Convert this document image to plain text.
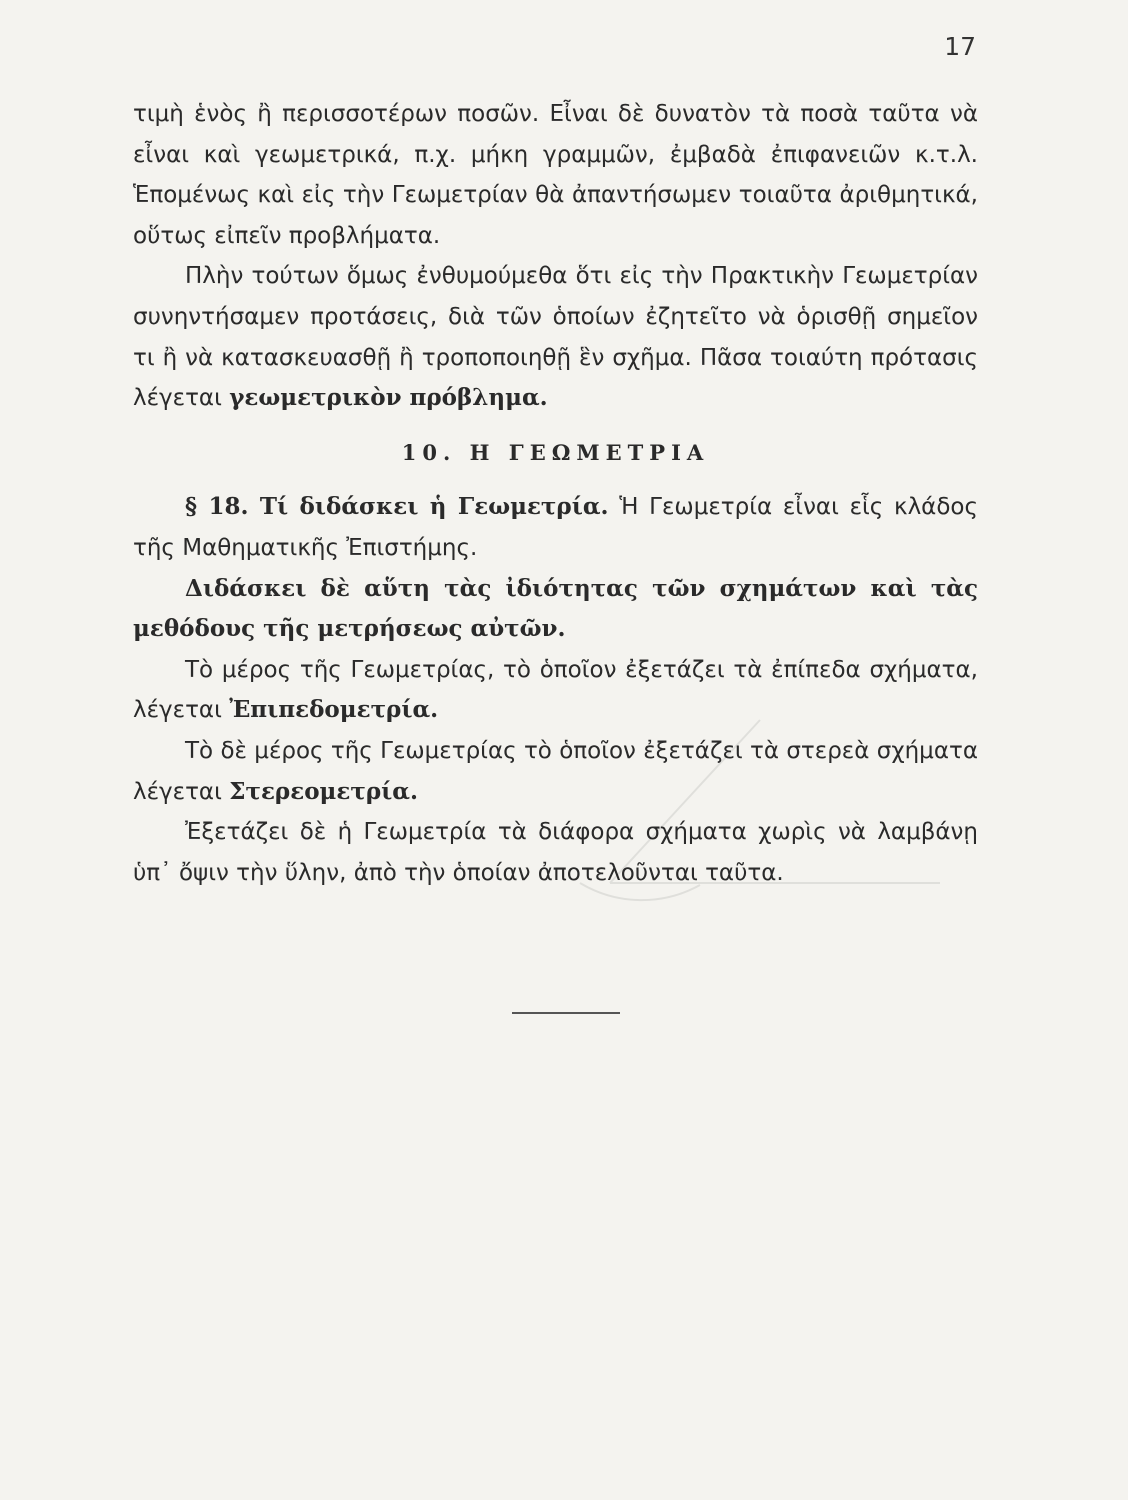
17

τιμὴ ἑνὸς ἢ περισσοτέρων ποσῶν. Εἶναι δὲ δυνατὸν τὰ ποσὰ ταῦτα νὰ εἶναι καὶ γεωμετρικά, π.χ. μήκη γραμμῶν, ἐμβαδὰ ἐπιφανειῶν κ.τ.λ. Ἑπομένως καὶ εἰς τὴν Γεωμετρίαν θὰ ἀπαντήσωμεν τοιαῦτα ἀριθμητικά, οὕτως εἰπεῖν προβλήματα.

Πλὴν τούτων ὅμως ἐνθυμούμεθα ὅτι εἰς τὴν Πρακτικὴν Γεωμετρίαν συνηντήσαμεν προτάσεις, διὰ τῶν ὁποίων ἐζητεῖτο νὰ ὁρισθῇ σημεῖον τι ἢ νὰ κατασκευασθῇ ἢ τροποποιηθῇ ἓν σχῆμα. Πᾶσα τοιαύτη πρότασις λέγεται γεωμετρικὸν πρόβλημα.

10. Η ΓΕΩΜΕΤΡΙΑ

§ 18. Τί διδάσκει ἡ Γεωμετρία. Ἡ Γεωμετρία εἶναι εἷς κλάδος τῆς Μαθηματικῆς Ἐπιστήμης.

Διδάσκει δὲ αὕτη τὰς ἰδιότητας τῶν σχημάτων καὶ τὰς μεθόδους τῆς μετρήσεως αὐτῶν.

Τὸ μέρος τῆς Γεωμετρίας, τὸ ὁποῖον ἐξετάζει τὰ ἐπίπεδα σχήματα, λέγεται Ἐπιπεδομετρία.

Τὸ δὲ μέρος τῆς Γεωμετρίας τὸ ὁποῖον ἐξετάζει τὰ στερεὰ σχήματα λέγεται Στερεομετρία.

Ἐξετάζει δὲ ἡ Γεωμετρία τὰ διάφορα σχήματα χωρὶς νὰ λαμβάνῃ ὑπ᾿ ὄψιν τὴν ὕλην, ἀπὸ τὴν ὁποίαν ἀποτελοῦνται ταῦτα.
